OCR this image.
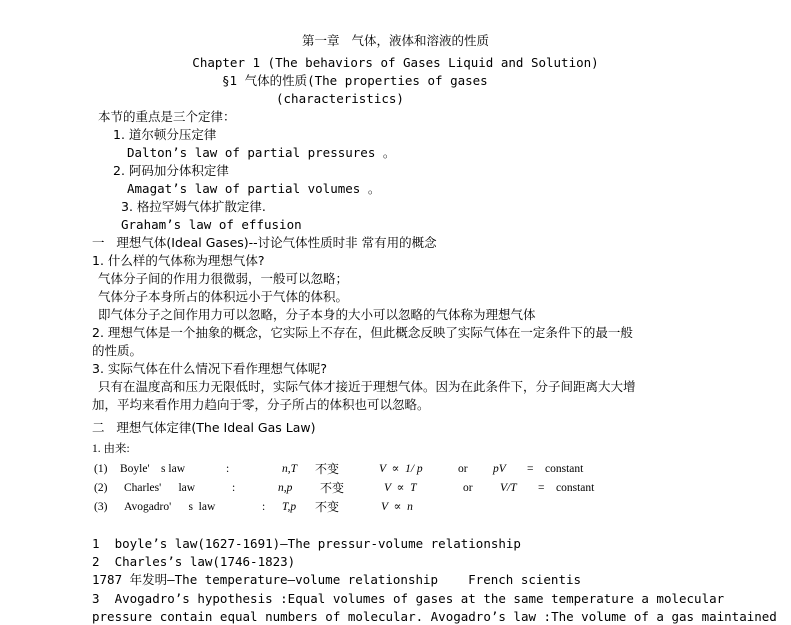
第一章   气体，液体和溶液的性质
Chapter 1 (The behaviors of Gases Liquid and Solution)
§1 气体的性质(The properties of gases
(characteristics)
本节的重点是三个定律：
1. 道尔顿分压定律
Dalton’s law of partial pressures 。
2. 阿码加分体积定律
Amagat’s law of partial volumes 。
3. 格拉罕姆气体扩散定律.
Graham’s law of effusion
一   理想气体(Ideal Gases)--讨论气体性质时非 常有用的概念
1. 什么样的气体称为理想气体?
气体分子间的作用力很微弱，一般可以忽略；
气体分子本身所占的体积远小于气体的体积。
即气体分子之间作用力可以忽略，分子本身的大小可以忽略的气体称为理想气体
2. 理想气体是一个抽象的概念，它实际上不存在，但此概念反映了实际气体在一定条件下的最一般
的性质。
3. 实际气体在什么情况下看作理想气体呢?
只有在温度高和压力无限低时，实际气体才接近于理想气体。因为在此条件下，分子间距离大大增
加，平均来看作用力趋向于零，分子所占的体积也可以忽略。
二   理想气体定律(The Ideal Gas Law)
1. 由来:
(1) Boyle'    s law	:	n,T 不变	V  ∝  1/ p	or pV = constant
(2) Charles'      law	:	n,p 不变	V  ∝  T	or V/T = constant
(3) Avogadro'      s  law	: T,p 不变	V  ∝  n
1  boyle’s law(1627-1691)—The pressur-volume relationship
2  Charles’s law(1746-1823)
1787 年发明—The temperature—volume relationship    French scientis
3  Avogadro’s hypothesis :Equal volumes of gases at the same temperature a molecular
pressure contain equal numbers of molecular. Avogadro’s law :The volume of a gas maintained
